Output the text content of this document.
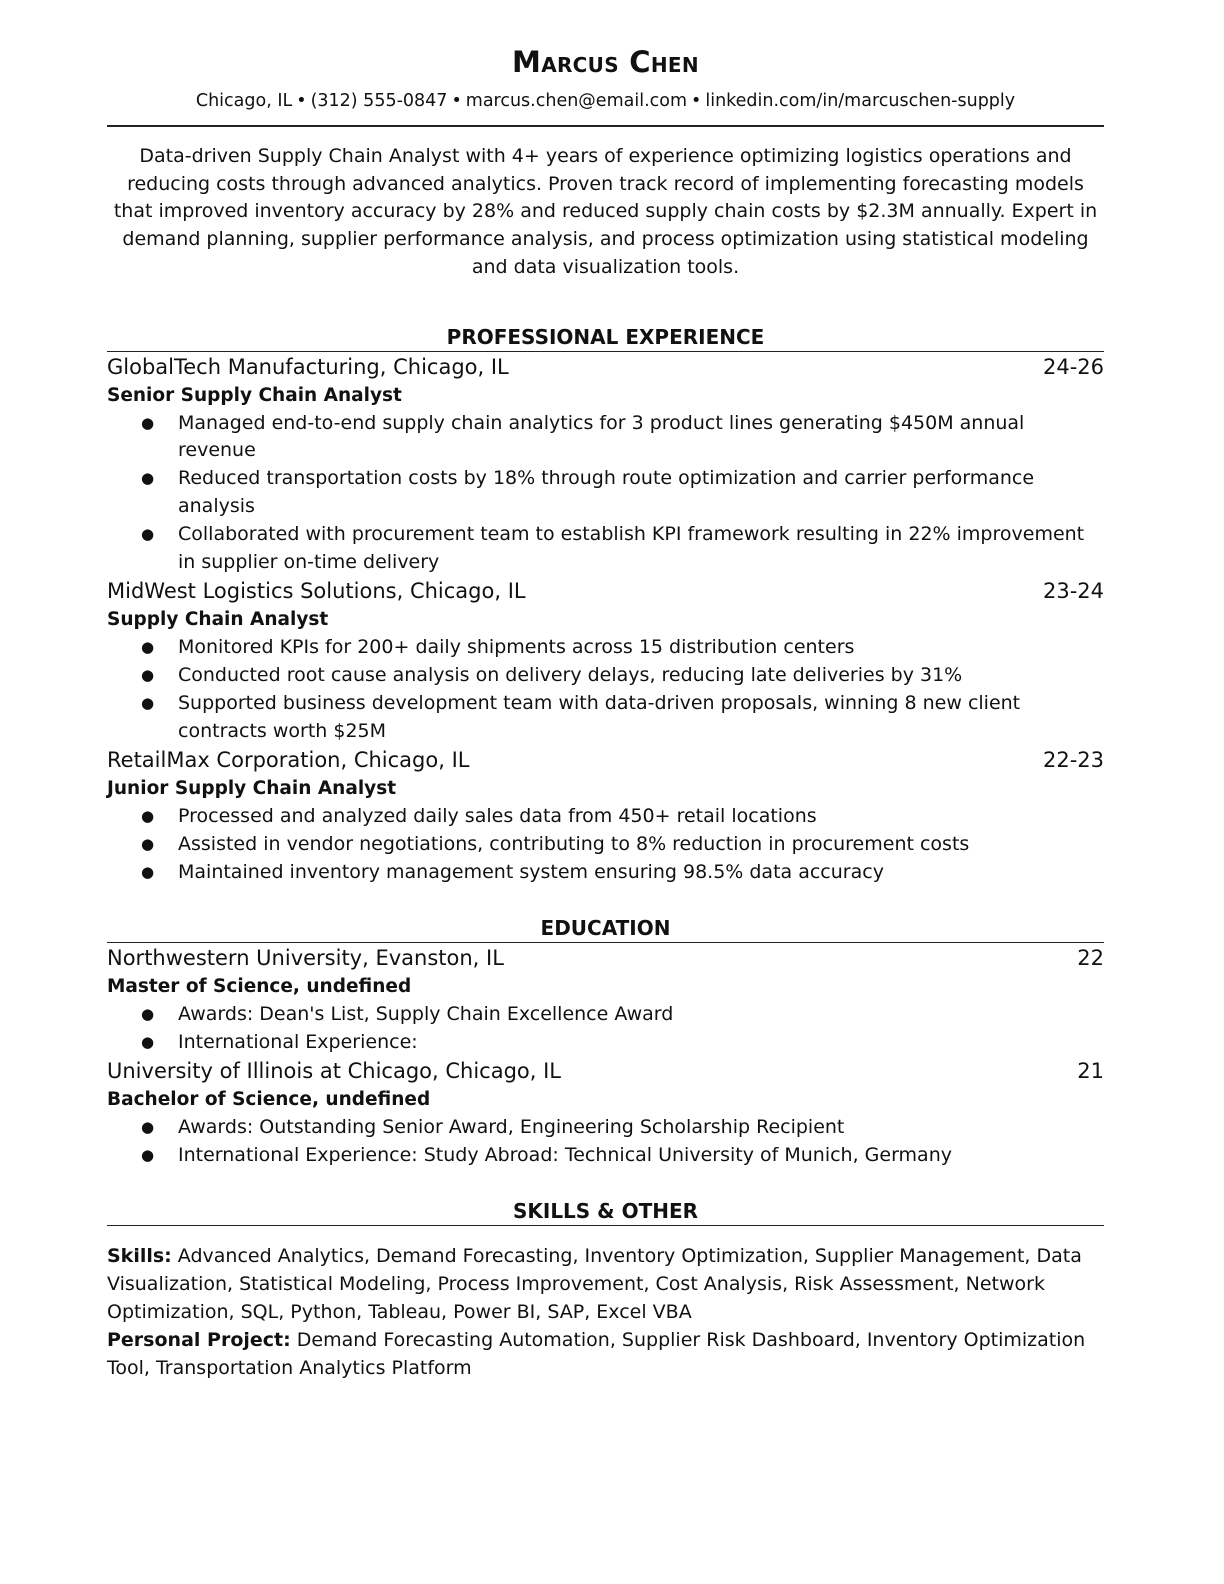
Marcus Chen
Chicago, IL • (312) 555-0847 • marcus.chen@email.com • linkedin.com/in/marcuschen-supply
Data-driven Supply Chain Analyst with 4+ years of experience optimizing logistics operations and reducing costs through advanced analytics. Proven track record of implementing forecasting models that improved inventory accuracy by 28% and reduced supply chain costs by $2.3M annually. Expert in demand planning, supplier performance analysis, and process optimization using statistical modeling and data visualization tools.
PROFESSIONAL EXPERIENCE
GlobalTech Manufacturing, Chicago, IL	24-26
Senior Supply Chain Analyst
● Managed end-to-end supply chain analytics for 3 product lines generating $450M annual revenue
● Reduced transportation costs by 18% through route optimization and carrier performance analysis
● Collaborated with procurement team to establish KPI framework resulting in 22% improvement in supplier on-time delivery
MidWest Logistics Solutions, Chicago, IL	23-24
Supply Chain Analyst
● Monitored KPIs for 200+ daily shipments across 15 distribution centers
● Conducted root cause analysis on delivery delays, reducing late deliveries by 31%
● Supported business development team with data-driven proposals, winning 8 new client contracts worth $25M
RetailMax Corporation, Chicago, IL	22-23
Junior Supply Chain Analyst
● Processed and analyzed daily sales data from 450+ retail locations
● Assisted in vendor negotiations, contributing to 8% reduction in procurement costs
● Maintained inventory management system ensuring 98.5% data accuracy
EDUCATION
Northwestern University, Evanston, IL	22
Master of Science, undefined
● Awards: Dean's List, Supply Chain Excellence Award
● International Experience:
University of Illinois at Chicago, Chicago, IL	21
Bachelor of Science, undefined
● Awards: Outstanding Senior Award, Engineering Scholarship Recipient
● International Experience: Study Abroad: Technical University of Munich, Germany
SKILLS & OTHER
Skills: Advanced Analytics, Demand Forecasting, Inventory Optimization, Supplier Management, Data Visualization, Statistical Modeling, Process Improvement, Cost Analysis, Risk Assessment, Network Optimization, SQL, Python, Tableau, Power BI, SAP, Excel VBA
Personal Project: Demand Forecasting Automation, Supplier Risk Dashboard, Inventory Optimization Tool, Transportation Analytics Platform
